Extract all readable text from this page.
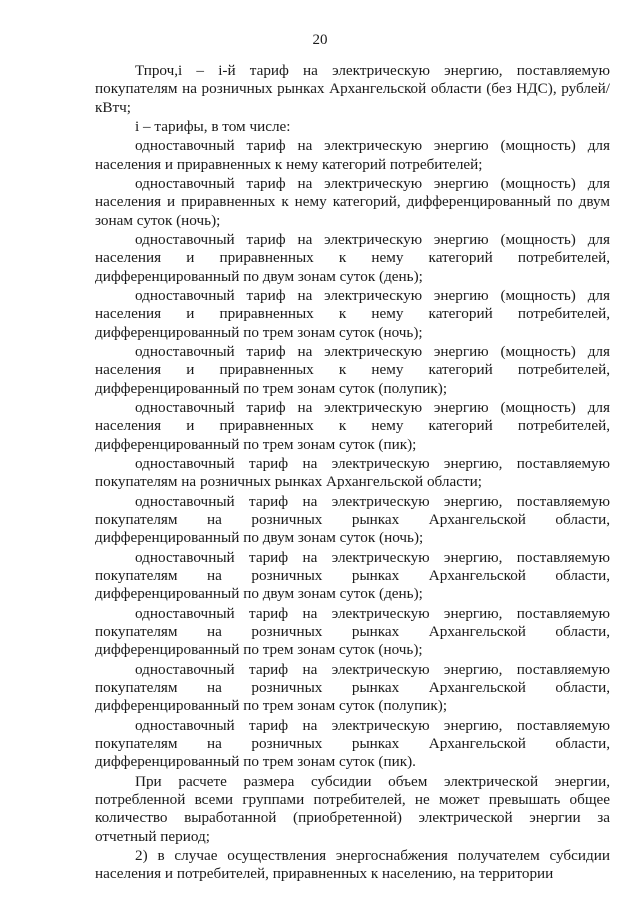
20

Тпроч,i – i-й тариф на электрическую энергию, поставляемую покупателям на розничных рынках Архангельской области (без НДС), рублей/кВтч;

i – тарифы, в том числе:

одноставочный тариф на электрическую энергию (мощность) для населения и приравненных к нему категорий потребителей;

одноставочный тариф на электрическую энергию (мощность) для населения и приравненных к нему категорий, дифференцированный по двум зонам суток (ночь);

одноставочный тариф на электрическую энергию (мощность) для населения и приравненных к нему категорий потребителей, дифференцированный по двум зонам суток (день);

одноставочный тариф на электрическую энергию (мощность) для населения и приравненных к нему категорий потребителей, дифференцированный по трем зонам суток (ночь);

одноставочный тариф на электрическую энергию (мощность) для населения и приравненных к нему категорий потребителей, дифференцированный по трем зонам суток (полупик);

одноставочный тариф на электрическую энергию (мощность) для населения и приравненных к нему категорий потребителей, дифференцированный по трем зонам суток (пик);

одноставочный тариф на электрическую энергию, поставляемую покупателям на розничных рынках Архангельской области;

одноставочный тариф на электрическую энергию, поставляемую покупателям на розничных рынках Архангельской области, дифференцированный по двум зонам суток (ночь);

одноставочный тариф на электрическую энергию, поставляемую покупателям на розничных рынках Архангельской области, дифференцированный по двум зонам суток (день);

одноставочный тариф на электрическую энергию, поставляемую покупателям на розничных рынках Архангельской области, дифференцированный по трем зонам суток (ночь);

одноставочный тариф на электрическую энергию, поставляемую покупателям на розничных рынках Архангельской области, дифференцированный по трем зонам суток (полупик);

одноставочный тариф на электрическую энергию, поставляемую покупателям на розничных рынках Архангельской области, дифференцированный по трем зонам суток (пик).

При расчете размера субсидии объем электрической энергии, потребленной всеми группами потребителей, не может превышать общее количество выработанной (приобретенной) электрической энергии за отчетный период;

2) в случае осуществления энергоснабжения получателем субсидии населения и потребителей, приравненных к населению, на территории
